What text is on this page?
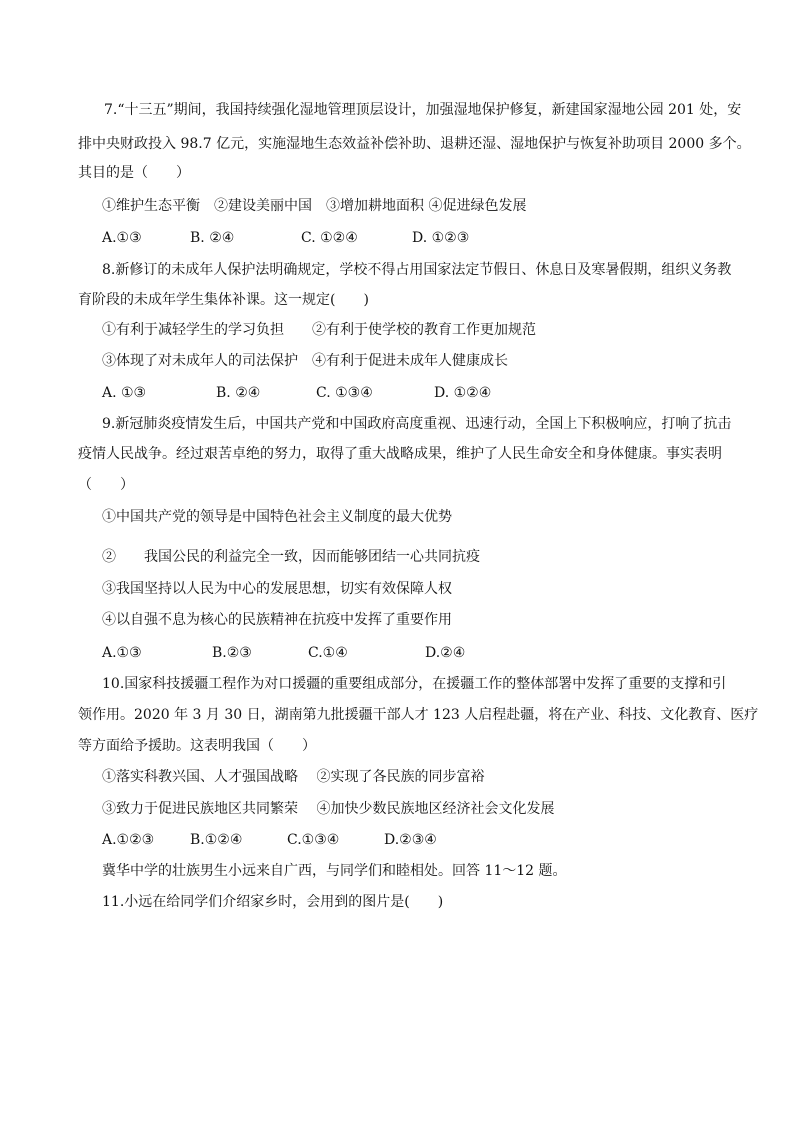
7.“十三五”期间，我国持续强化湿地管理顶层设计，加强湿地保护修复，新建国家湿地公园 201 处，安
排中央财政投入 98.7 亿元，实施湿地生态效益补偿补助、退耕还湿、湿地保护与恢复补助项目 2000 多个。
其目的是（　　）
①维护生态平衡　②建设美丽中国　③增加耕地面积 ④促进绿色发展
A.①③	B. ②④	C. ①②④	D. ①②③
8.新修订的未成年人保护法明确规定，学校不得占用国家法定节假日、休息日及寒暑假期，组织义务教
育阶段的未成年学生集体补课。这一规定(　　)
①有利于减轻学生的学习负担　　②有利于使学校的教育工作更加规范
③体现了对未成年人的司法保护　④有利于促进未成年人健康成长
A. ①③	B. ②④	C. ①③④	D. ①②④
9.新冠肺炎疫情发生后，中国共产党和中国政府高度重视、迅速行动，全国上下积极响应，打响了抗击
疫情人民战争。经过艰苦卓绝的努力，取得了重大战略成果，维护了人民生命安全和身体健康。事实表明
（　　）
①中国共产党的领导是中国特色社会主义制度的最大优势
②　　我国公民的利益完全一致，因而能够团结一心共同抗疫
③我国坚持以人民为中心的发展思想，切实有效保障人权
④以自强不息为核心的民族精神在抗疫中发挥了重要作用
A.①③	B.②③	C.①④	D.②④
10.国家科技援疆工程作为对口援疆的重要组成部分，在援疆工作的整体部署中发挥了重要的支撑和引
领作用。2020 年 3 月 30 日，湖南第九批援疆干部人才 123 人启程赴疆，将在产业、科技、文化教育、医疗
等方面给予援助。这表明我国（　　）
①落实科教兴国、人才强国战略　 ②实现了各民族的同步富裕
③致力于促进民族地区共同繁荣　 ④加快少数民族地区经济社会文化发展
A.①②③	B.①②④	C.①③④	D.②③④
冀华中学的壮族男生小远来自广西，与同学们和睦相处。回答 11～12 题。
11.小远在给同学们介绍家乡时，会用到的图片是(　　)
